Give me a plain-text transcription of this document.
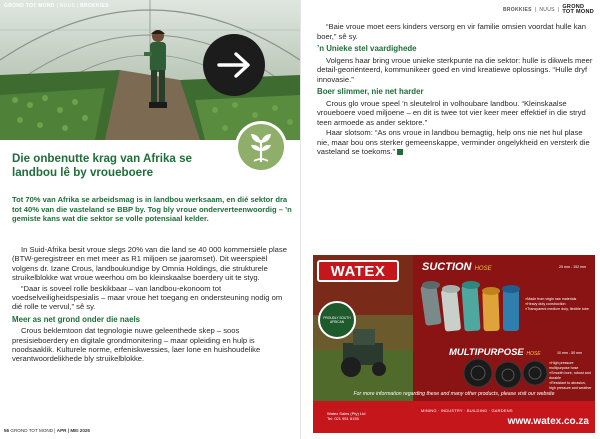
GROND TOT MOND | NUUS | BROKKIES
Die onbenutte krag van Afrika se landbou lê by vroueboere

Tot 70% van Afrika se arbeidsmag is in landbou werksaam, en dié sektor dra tot 40% van die vasteland se BBP by. Tog bly vroue onderverteenwoordig – ’n gemiste kans wat die sektor se volle potensiaal kelder.

In Suid-Afrika besit vroue slegs 20% van die land se 40 000 kommersiële plase (BTW-geregistreer en met meer as R1 miljoen se jaaromset). Dit weerspieël volgens dr. Izane Crous, landboukundige by Omnia Holdings, die strukturele struikelblokke wat vroue weerhou om bo kleinskaalse boerdery uit te styg.

“Daar is soveel rolle beskikbaar – van landbou-ekonoom tot voedselveiligheidspesialis – maar vroue het toegang en ondersteuning nodig om dié rolle te vervul,” sê sy.

Meer as net grond onder die naels

Crous beklemtoon dat tegnologie nuwe geleenthede skep – soos presisieboerdery en digitale grondmonitering – maar opleiding en hulp is noodsaaklik. Kulturele norme, erfeniskwessies, laer lone en huishoudelike verantwoordelikhede bly struikelblokke.

56 GROND TOT MOND | APR | MEI 2025
BROKKIES | NUUS | GROND
TOT MOND

“Baie vroue moet eers kinders versorg en vir familie omsien voordat hulle kan boer,” sê sy.

’n Unieke stel vaardighede

Volgens haar bring vroue unieke sterkpunte na die sektor: hulle is dikwels meer detail-georiënteerd, kommunikeer goed en vind kreatiewe oplossings. “Hulle dryf innovasie.”

Boer slimmer, nie net harder

Crous glo vroue speel ’n sleutelrol in volhoubare landbou. “Kleinskaalse vroueboere voed miljoene – en dit is twee tot vier keer meer effektief in die stryd teen armoede as ander sektore.”

Haar slotsom: “As ons vroue in landbou bemagtig, help ons nie net hul plase nie, maar bou ons sterker gemeenskappe, verminder ongelykheid en versterk die vasteland se toekoms.”

WATEX
PROUDLY SOUTH AFRICAN
SUCTION HOSE	25 mm - 152 mm
● Made from virgin raw materials
● Heavy duty construction
● Transparent medium duty, flexible tube
MULTIPURPOSE HOSE	10 mm - 50 mm
● High pressure multipurpose hose
● Smooth bore, robust and durable
● Resistant to abrasion, high pressure and weather
For more information regarding these and many other products, please visit our website
Watex Sales (Pty) Ltd
Tel: 021 951 8155
MINING · INDUSTRY · BUILDING · GARDENS
www.watex.co.za
